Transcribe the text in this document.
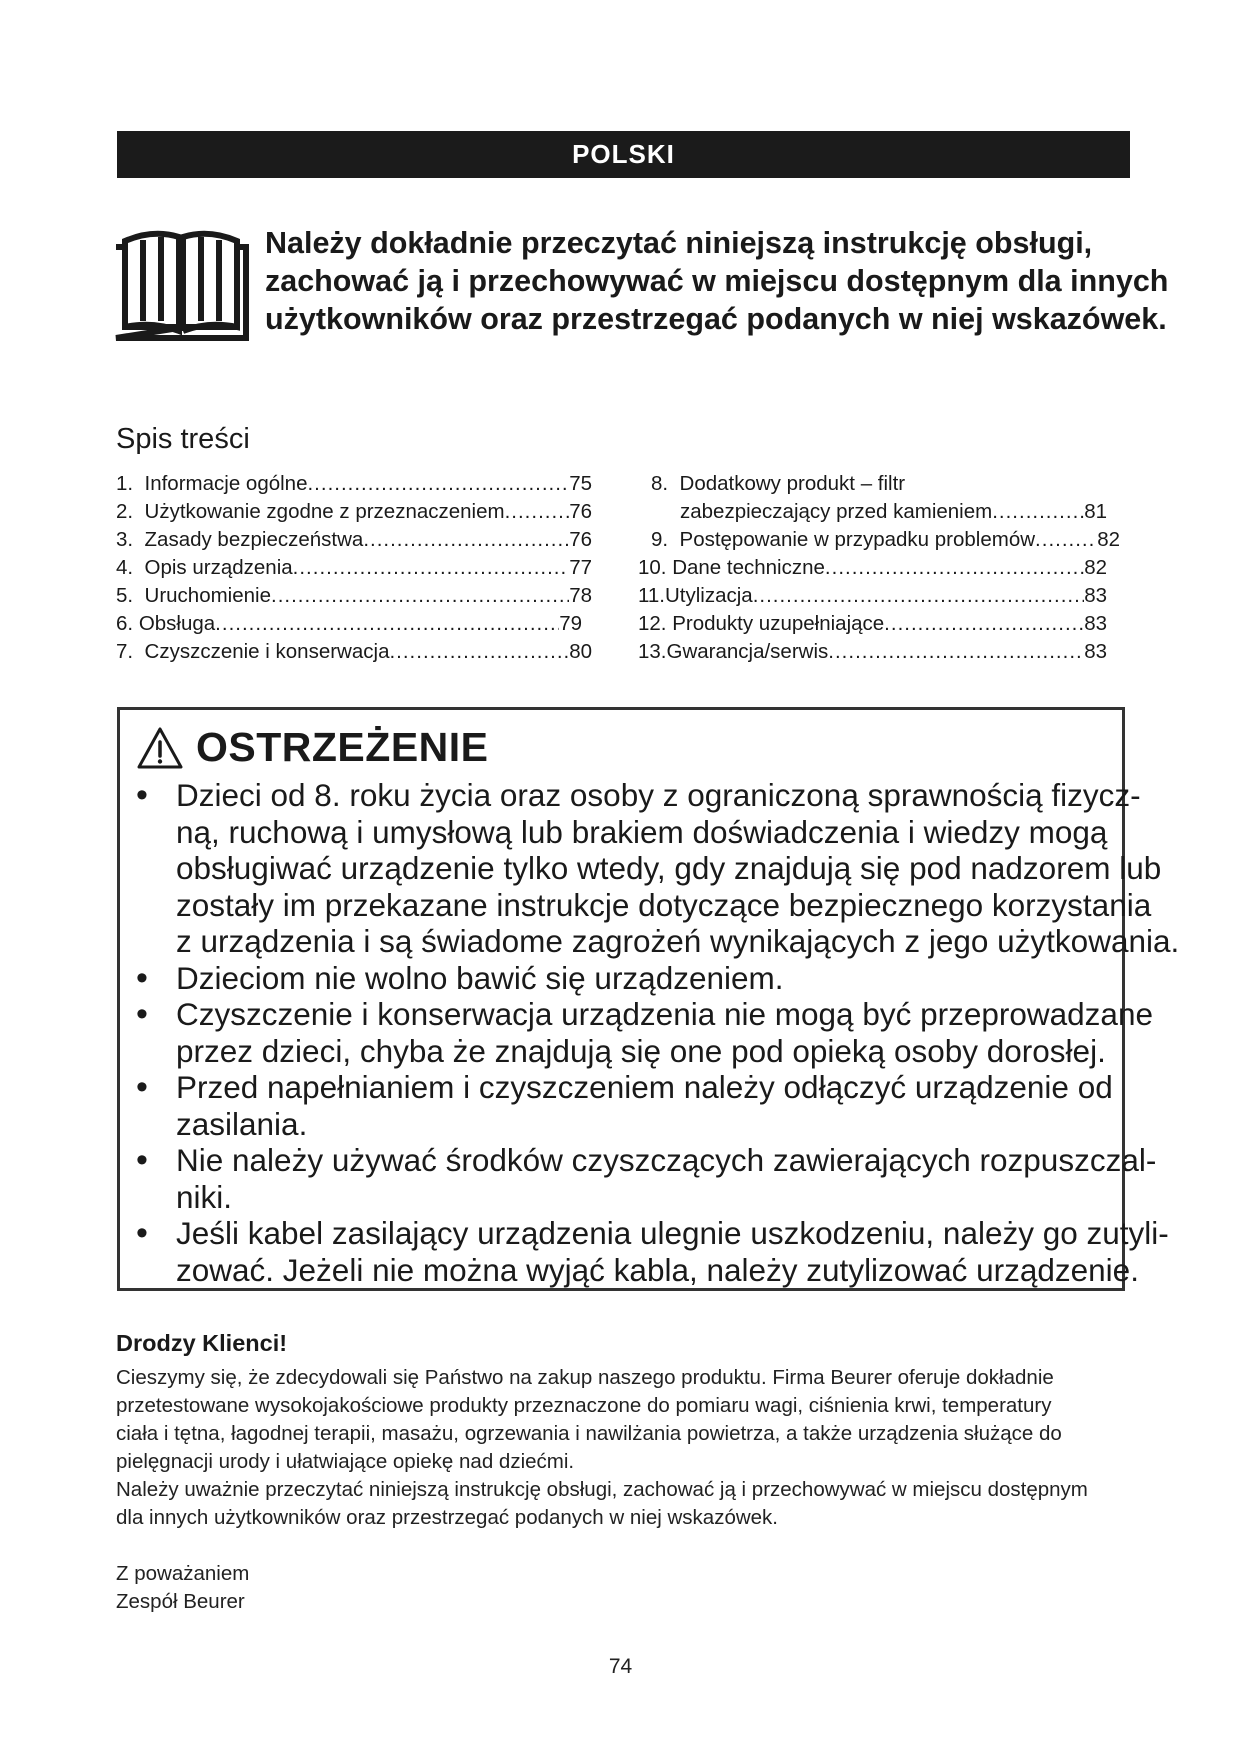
POLSKI
Należy dokładnie przeczytać niniejszą instrukcję obsługi,
zachować ją i przechowywać w miejscu dostępnym dla innych
użytkowników oraz przestrzegać podanych w niej wskazówek.
Spis treści
1.
Informacje ogólne .....	75
2.
Użytkowanie zgodne z przeznaczeniem .....	76
3.
Zasady bezpieczeństwa .....	76
4.
Opis urządzenia .....	77
5.
Uruchomienie .....	78
6.
Obsługa .....	79
7.
Czyszczenie i konserwacja .....	80
8.
Dodatkowy produkt – filtr
zabezpieczający przed kamieniem .....	81
9.
Postępowanie w przypadku problemów .....	82
10.
Dane techniczne .....	82
11. Utylizacja .....	83
12.
Produkty uzupełniające .....	83
13. Gwarancja/serwis .....	83
OSTRZEŻENIE
• Dzieci od 8. roku życia oraz osoby z ograniczoną sprawnością fizycz-
ną, ruchową i umysłową lub brakiem doświadczenia i wiedzy mogą
obsługiwać urządzenie tylko wtedy, gdy znajdują się pod nadzorem lub
zostały im przekazane instrukcje dotyczące bezpiecznego korzystania
z urządzenia i są świadome zagrożeń wynikających z jego użytkowania.
• Dzieciom nie wolno bawić się urządzeniem.
• Czyszczenie i konserwacja urządzenia nie mogą być przeprowadzane
przez dzieci, chyba że znajdują się one pod opieką osoby dorosłej.
• Przed napełnianiem i czyszczeniem należy odłączyć urządzenie od
zasilania.
• Nie należy używać środków czyszczących zawierających rozpuszczal-
niki.
• Jeśli kabel zasilający urządzenia ulegnie uszkodzeniu, należy go zutyli-
zować. Jeżeli nie można wyjąć kabla, należy zutylizować urządzenie.
Drodzy Klienci!
Cieszymy się, że zdecydowali się Państwo na zakup naszego produktu. Firma Beurer oferuje dokładnie
przetestowane wysokojakościowe produkty przeznaczone do pomiaru wagi, ciśnienia krwi, temperatury
ciała i tętna, łagodnej terapii, masażu, ogrzewania i nawilżania powietrza, a także urządzenia służące do
pielęgnacji urody i ułatwiające opiekę nad dziećmi.
Należy uważnie przeczytać niniejszą instrukcję obsługi, zachować ją i przechowywać w miejscu dostępnym
dla innych użytkowników oraz przestrzegać podanych w niej wskazówek.
Z poważaniem
Zespół Beurer
74
